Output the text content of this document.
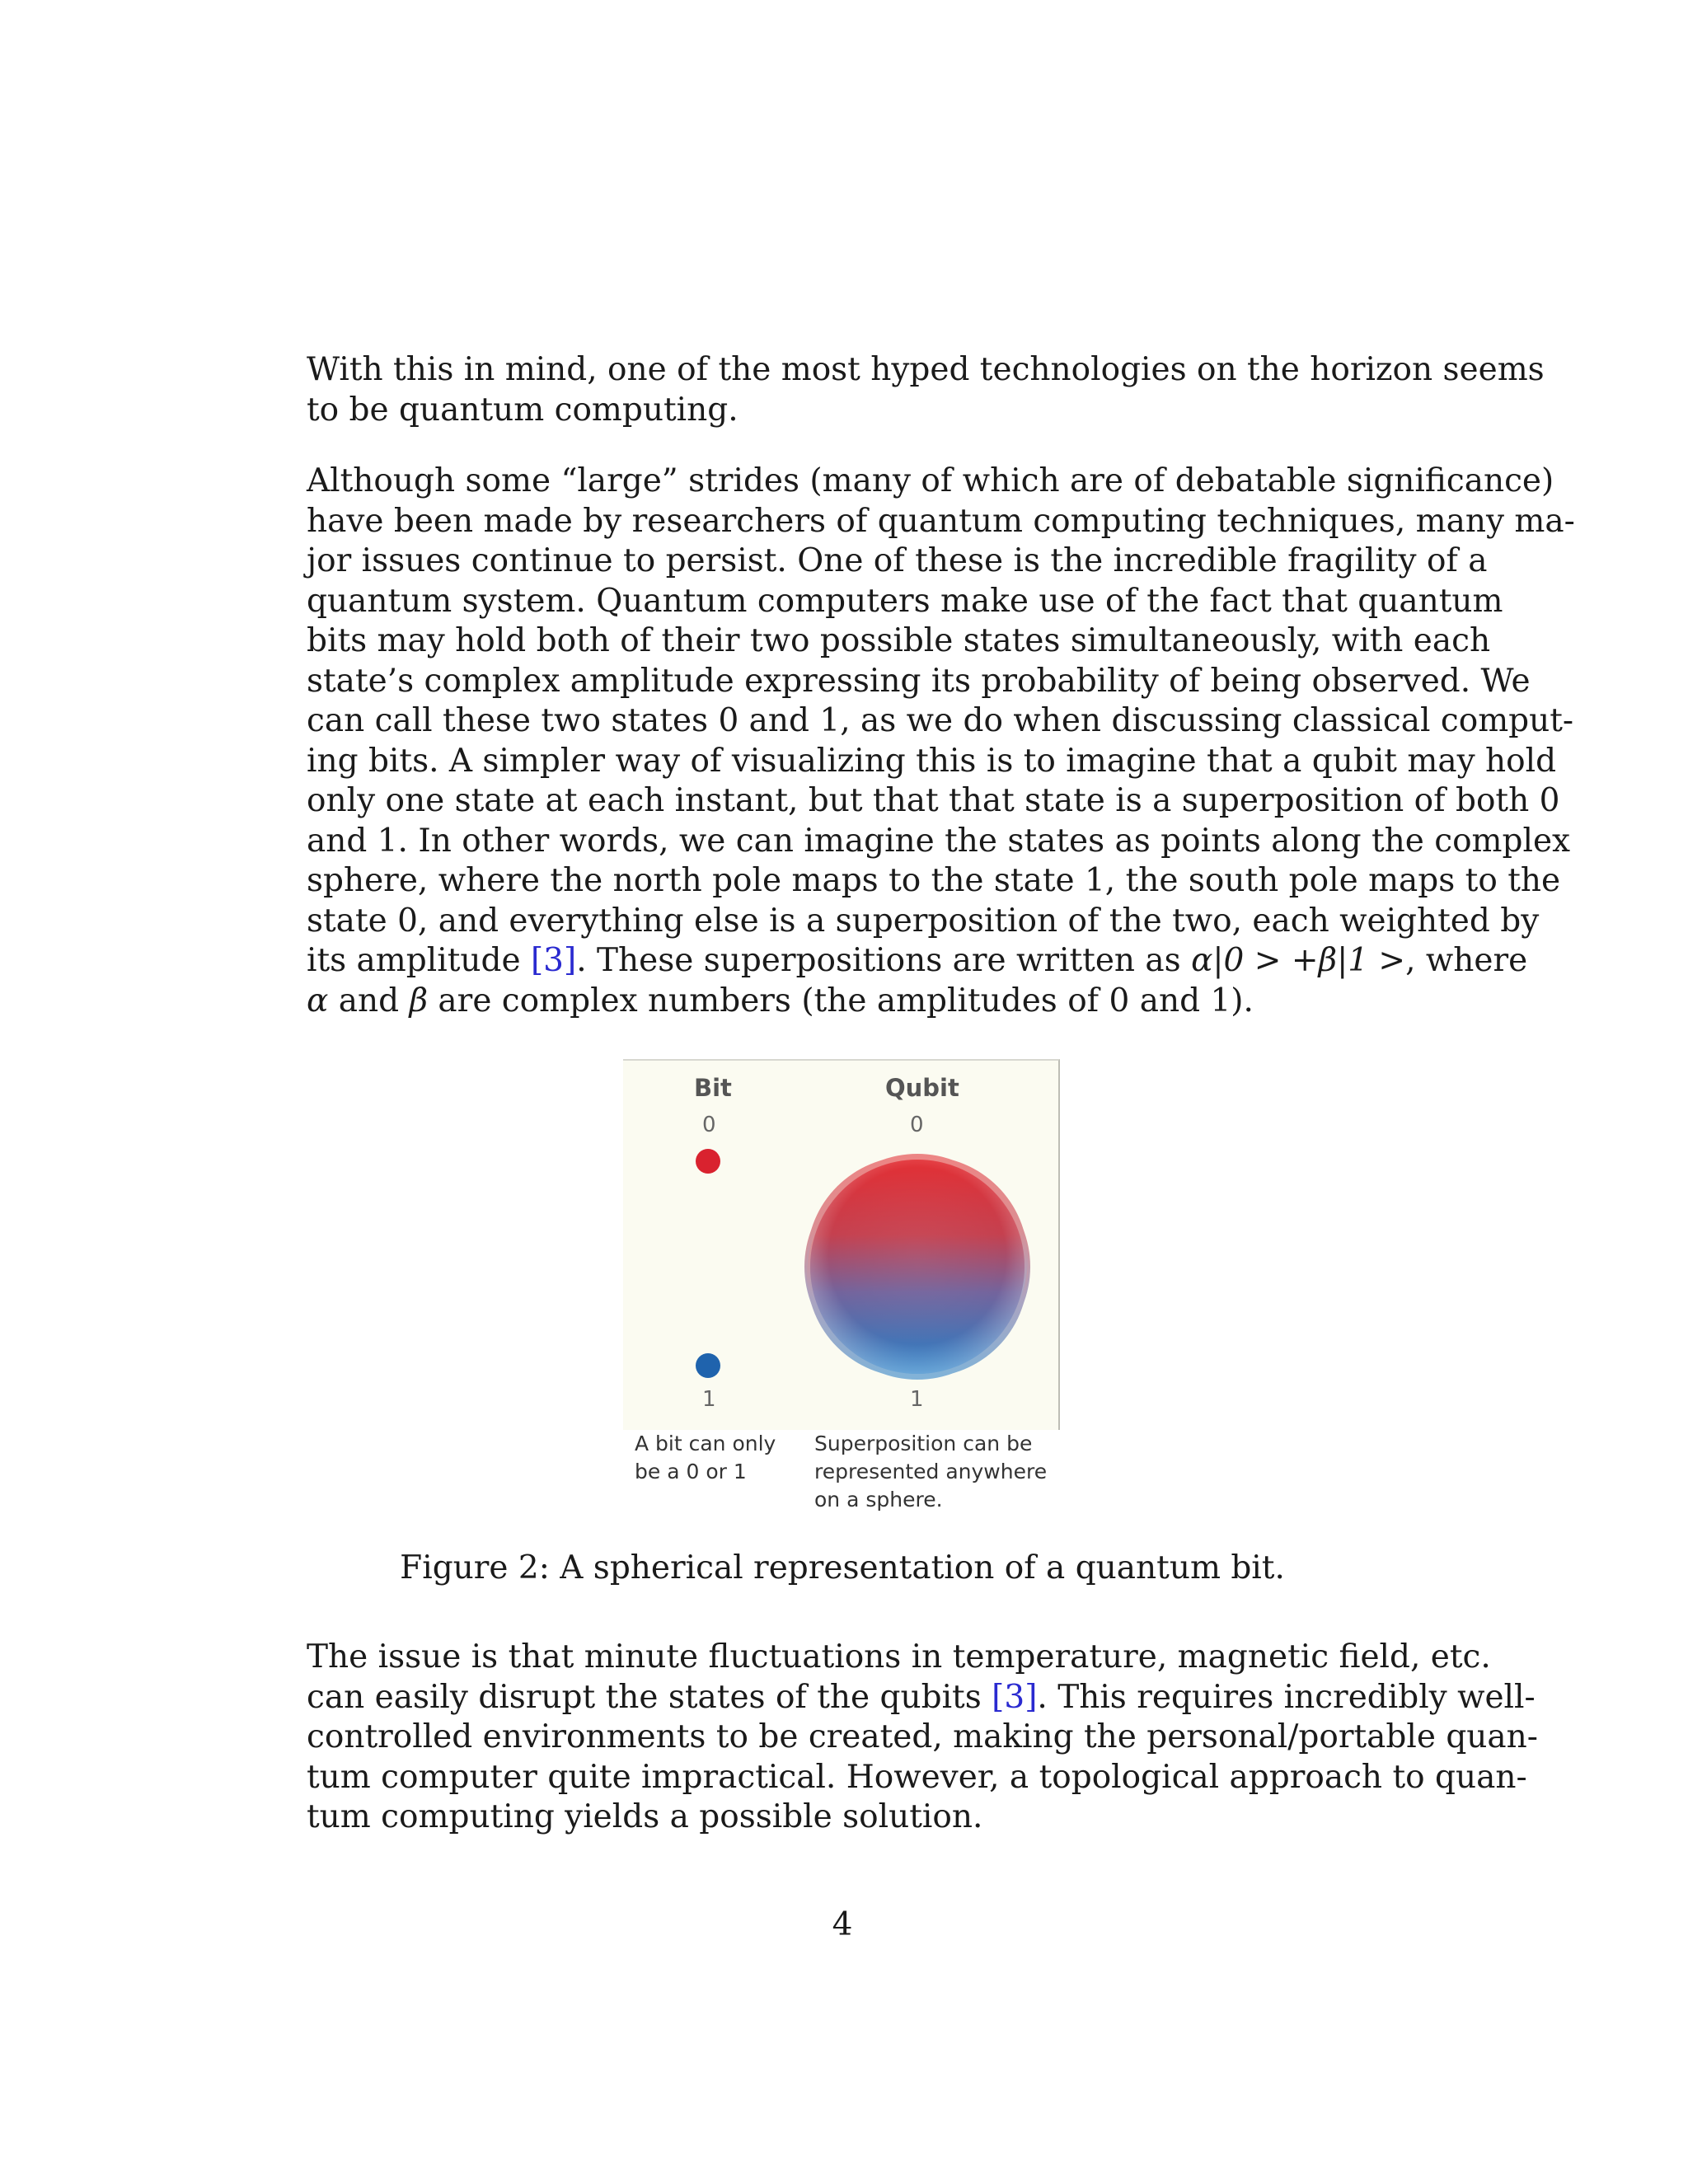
With this in mind, one of the most hyped technologies on the horizon seems
to be quantum computing.
Although some “large” strides (many of which are of debatable significance)
have been made by researchers of quantum computing techniques, many ma-
jor issues continue to persist. One of these is the incredible fragility of a
quantum system. Quantum computers make use of the fact that quantum
bits may hold both of their two possible states simultaneously, with each
state’s complex amplitude expressing its probability of being observed. We
can call these two states 0 and 1, as we do when discussing classical comput-
ing bits. A simpler way of visualizing this is to imagine that a qubit may hold
only one state at each instant, but that that state is a superposition of both 0
and 1. In other words, we can imagine the states as points along the complex
sphere, where the north pole maps to the state 1, the south pole maps to the
state 0, and everything else is a superposition of the two, each weighted by
its amplitude [3]. These superpositions are written as α|0 > +β|1 >, where
α and β are complex numbers (the amplitudes of 0 and 1).
Bit	Qubit
0	0
1	1
A bit can only
be a 0 or 1
Superposition can be
represented anywhere
on a sphere.
Figure 2: A spherical representation of a quantum bit.
The issue is that minute fluctuations in temperature, magnetic field, etc.
can easily disrupt the states of the qubits [3]. This requires incredibly well-
controlled environments to be created, making the personal/portable quan-
tum computer quite impractical. However, a topological approach to quan-
tum computing yields a possible solution.
4
